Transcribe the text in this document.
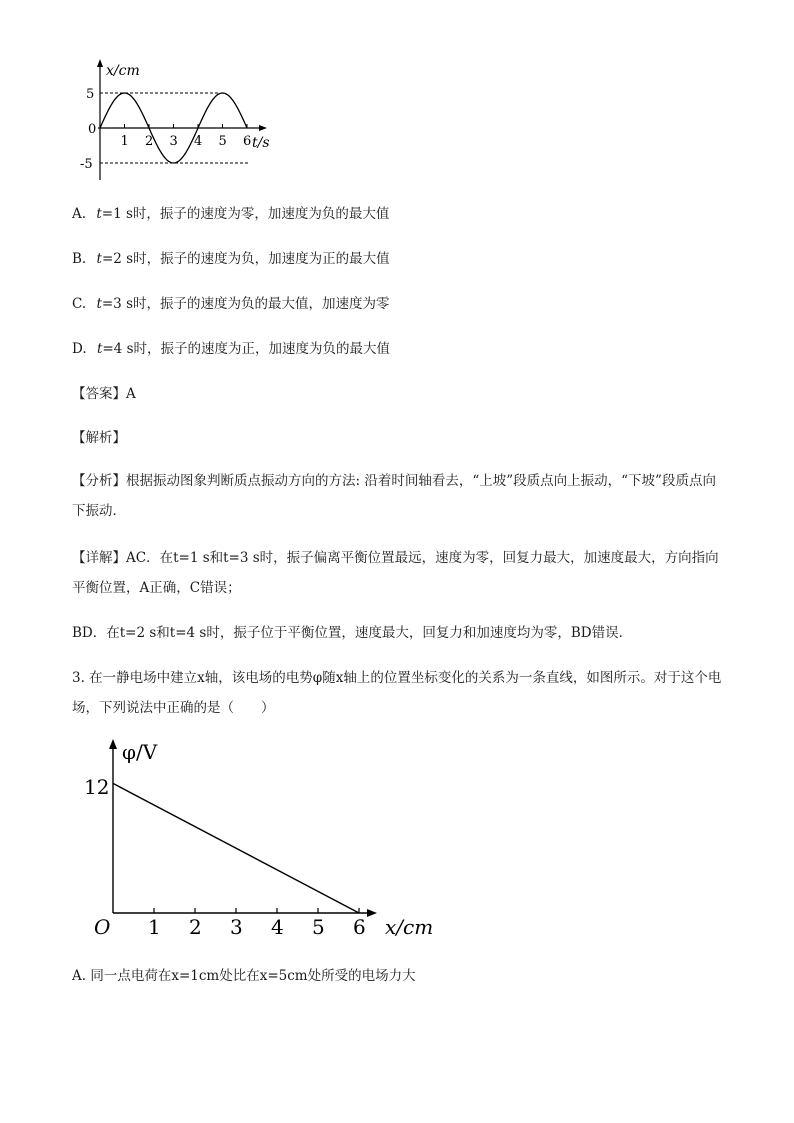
1 2 3 4 5 6
x/cm
t/s
5
0
-5
A. t=1 s时，振子的速度为零，加速度为负的最大值
B. t=2 s时，振子的速度为负，加速度为正的最大值
C. t=3 s时，振子的速度为负的最大值，加速度为零
D. t=4 s时，振子的速度为正，加速度为负的最大值
【答案】A
【解析】
【分析】根据振动图象判断质点振动方向的方法: 沿着时间轴看去，“上坡”段质点向上振动，“下坡”段质点向下振动．
【详解】AC．在t=1 s和t=3 s时，振子偏离平衡位置最远，速度为零，回复力最大，加速度最大，方向指向平衡位置，A正确，C错误；
BD．在t=2 s和t=4 s时，振子位于平衡位置，速度最大，回复力和加速度均为零，BD错误．
3. 在一静电场中建立x轴，该电场的电势φ随x轴上的位置坐标变化的关系为一条直线，如图所示。对于这个电场，下列说法中正确的是（　　）
1 2 3 4 5 6
φ/V
12
O	x/cm
A. 同一点电荷在x=1cm处比在x=5cm处所受的电场力大
